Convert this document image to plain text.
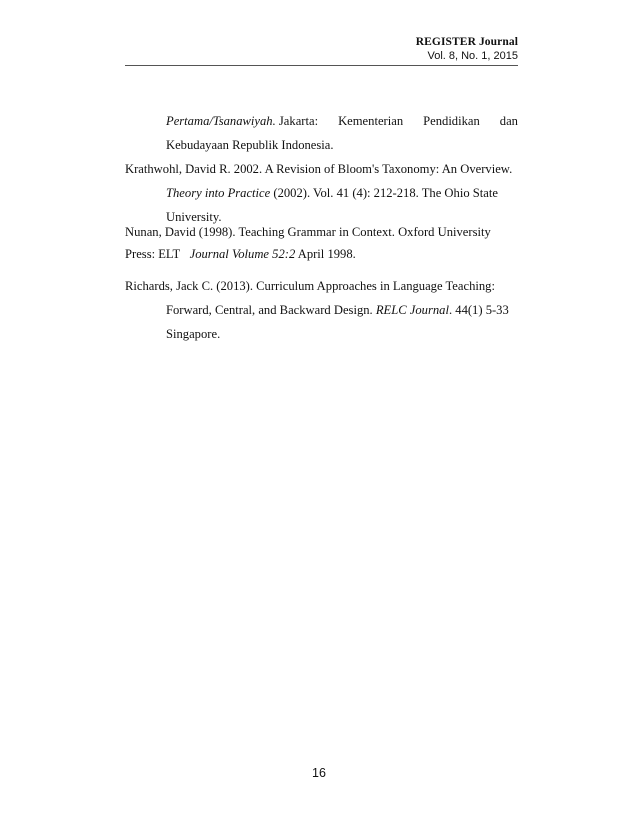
REGISTER Journal
Vol. 8, No. 1, 2015
Pertama/Tsanawiyah. Jakarta: Kementerian Pendidikan dan
Kebudayaan Republik Indonesia.
Krathwohl, David R. 2002. A Revision of Bloom's Taxonomy: An Overview.
Theory into Practice (2002). Vol. 41 (4): 212-218. The Ohio State
University.
Nunan, David (1998). Teaching Grammar in Context. Oxford University
Press: ELT Journal Volume 52:2 April 1998.
Richards, Jack C. (2013). Curriculum Approaches in Language Teaching:
Forward, Central, and Backward Design. RELC Journal. 44(1) 5-33
Singapore.
16
